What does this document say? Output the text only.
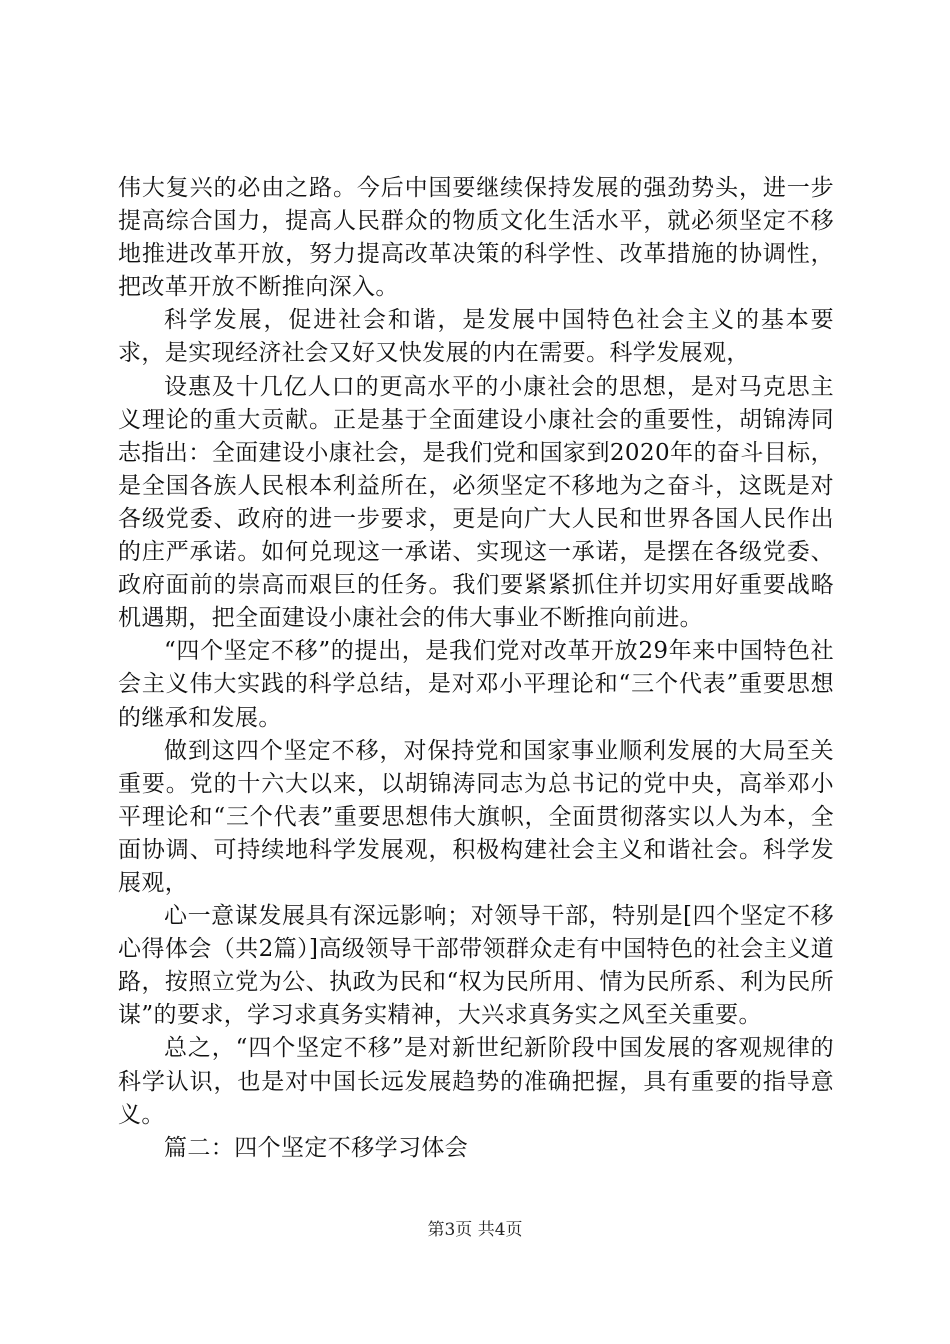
伟大复兴的必由之路。今后中国要继续保持发展的强劲势头，进一步提高综合国力，提高人民群众的物质文化生活水平，就必须坚定不移地推进改革开放，努力提高改革决策的科学性、改革措施的协调性，把改革开放不断推向深入。

科学发展，促进社会和谐，是发展中国特色社会主义的基本要求，是实现经济社会又好又快发展的内在需要。科学发展观，

设惠及十几亿人口的更高水平的小康社会的思想，是对马克思主义理论的重大贡献。正是基于全面建设小康社会的重要性，胡锦涛同志指出：全面建设小康社会，是我们党和国家到2020年的奋斗目标，是全国各族人民根本利益所在，必须坚定不移地为之奋斗，这既是对各级党委、政府的进一步要求，更是向广大人民和世界各国人民作出的庄严承诺。如何兑现这一承诺、实现这一承诺，是摆在各级党委、政府面前的崇高而艰巨的任务。我们要紧紧抓住并切实用好重要战略机遇期，把全面建设小康社会的伟大事业不断推向前进。

“四个坚定不移”的提出，是我们党对改革开放29年来中国特色社会主义伟大实践的科学总结，是对邓小平理论和“三个代表”重要思想的继承和发展。

做到这四个坚定不移，对保持党和国家事业顺利发展的大局至关重要。党的十六大以来，以胡锦涛同志为总书记的党中央，高举邓小平理论和“三个代表”重要思想伟大旗帜，全面贯彻落实以人为本，全面协调、可持续地科学发展观，积极构建社会主义和谐社会。科学发展观，

心一意谋发展具有深远影响；对领导干部，特别是[四个坚定不移心得体会（共2篇）]高级领导干部带领群众走有中国特色的社会主义道路，按照立党为公、执政为民和“权为民所用、情为民所系、利为民所谋”的要求，学习求真务实精神，大兴求真务实之风至关重要。

总之，“四个坚定不移”是对新世纪新阶段中国发展的客观规律的科学认识，也是对中国长远发展趋势的准确把握，具有重要的指导意义。

篇二：四个坚定不移学习体会

第3页 共4页
